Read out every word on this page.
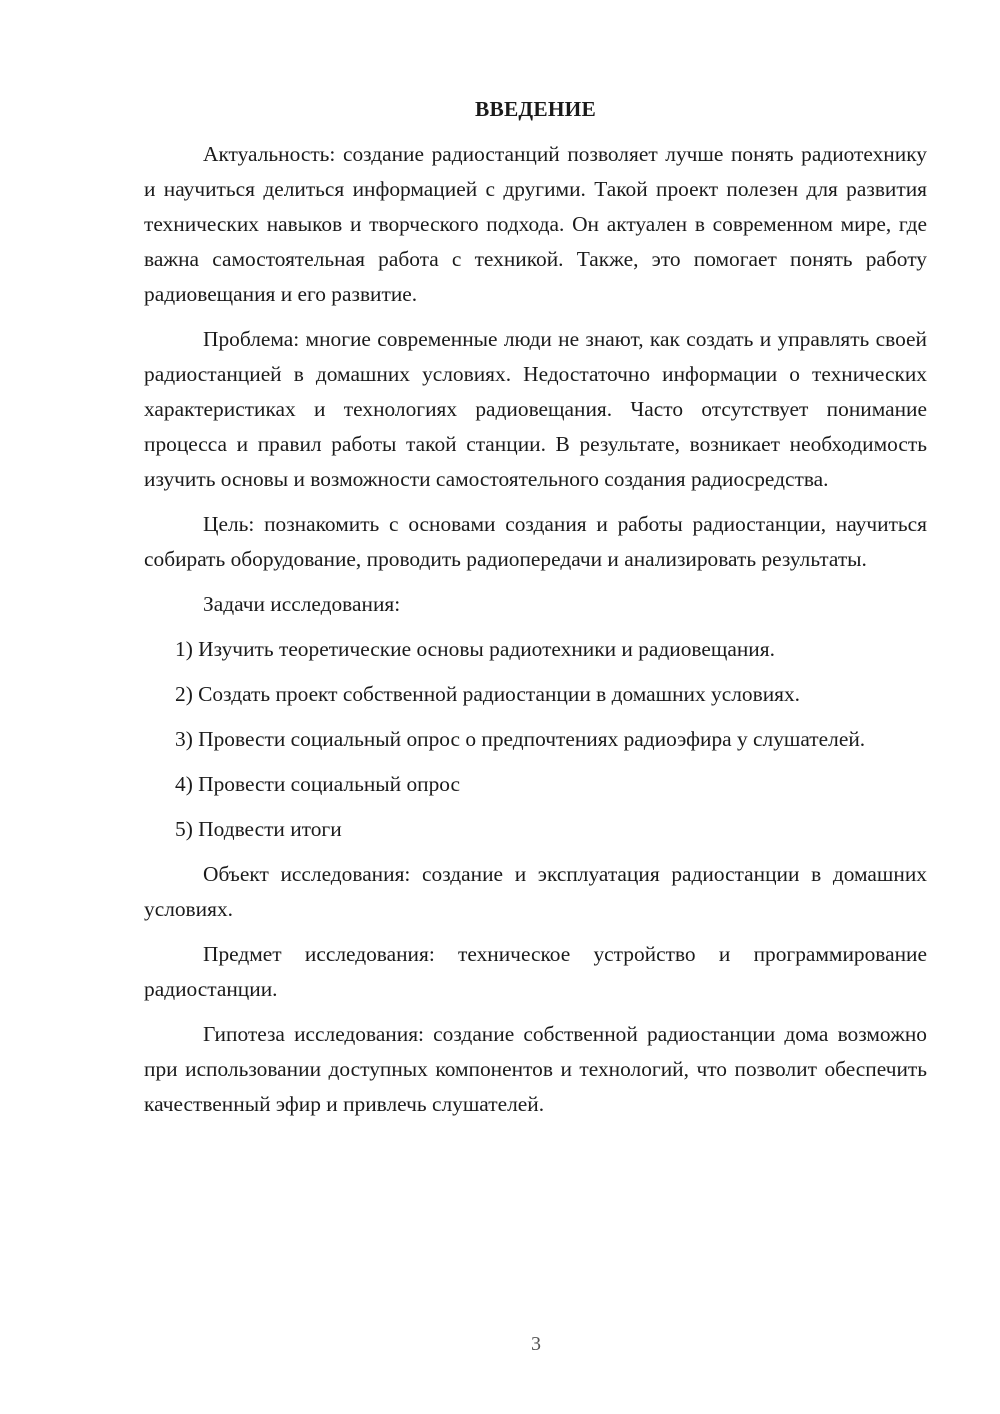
ВВЕДЕНИЕ

Актуальность: создание радиостанций позволяет лучше понять радиотехнику и научиться делиться информацией с другими. Такой проект полезен для развития технических навыков и творческого подхода. Он актуален в современном мире, где важна самостоятельная работа с техникой. Также, это помогает понять работу радиовещания и его развитие.

Проблема: многие современные люди не знают, как создать и управлять своей радиостанцией в домашних условиях. Недостаточно информации о технических характеристиках и технологиях радиовещания. Часто отсутствует понимание процесса и правил работы такой станции. В результате, возникает необходимость изучить основы и возможности самостоятельного создания радиосредства.

Цель: познакомить с основами создания и работы радиостанции, научиться собирать оборудование, проводить радиопередачи и анализировать результаты.

Задачи исследования:

1) Изучить теоретические основы радиотехники и радиовещания.

2) Создать проект собственной радиостанции в домашних условиях.

3) Провести социальный опрос о предпочтениях радиоэфира у слушателей.

4) Провести социальный опрос

5) Подвести итоги

Объект исследования: создание и эксплуатация радиостанции в домашних условиях.

Предмет исследования: техническое устройство и программирование радиостанции.

Гипотеза исследования: создание собственной радиостанции дома возможно при использовании доступных компонентов и технологий, что позволит обеспечить качественный эфир и привлечь слушателей.

3
